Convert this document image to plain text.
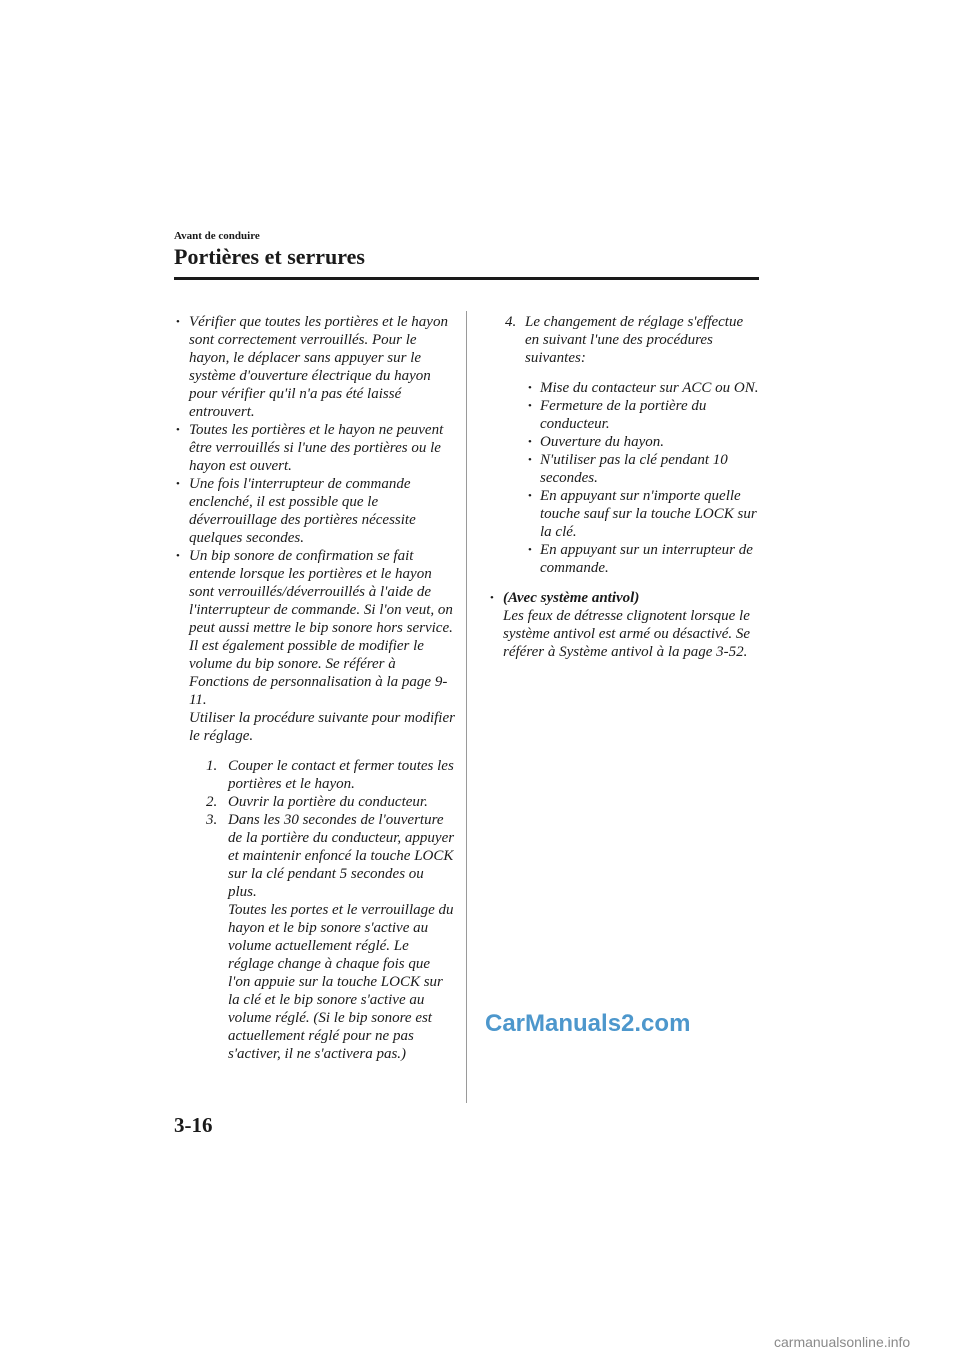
Avant de conduire
Portières et serrures
• Vérifier que toutes les portières et le hayon sont correctement verrouillés. Pour le hayon, le déplacer sans appuyer sur le système d'ouverture électrique du hayon pour vérifier qu'il n'a pas été laissé entrouvert.
• Toutes les portières et le hayon ne peuvent être verrouillés si l'une des portières ou le hayon est ouvert.
• Une fois l'interrupteur de commande enclenché, il est possible que le déverrouillage des portières nécessite quelques secondes.
• Un bip sonore de confirmation se fait entende lorsque les portières et le hayon sont verrouillés/déverrouillés à l'aide de l'interrupteur de commande. Si l'on veut, on peut aussi mettre le bip sonore hors service.
Il est également possible de modifier le volume du bip sonore. Se référer à Fonctions de personnalisation à la page 9-11.
Utiliser la procédure suivante pour modifier le réglage.
1. Couper le contact et fermer toutes les portières et le hayon.
2. Ouvrir la portière du conducteur.
3. Dans les 30 secondes de l'ouverture de la portière du conducteur, appuyer et maintenir enfoncé la touche LOCK sur la clé pendant 5 secondes ou plus.
Toutes les portes et le verrouillage du hayon et le bip sonore s'active au volume actuellement réglé. Le réglage change à chaque fois que l'on appuie sur la touche LOCK sur la clé et le bip sonore s'active au volume réglé. (Si le bip sonore est actuellement réglé pour ne pas s'activer, il ne s'activera pas.)
4. Le changement de réglage s'effectue en suivant l'une des procédures suivantes:
• Mise du contacteur sur ACC ou ON.
• Fermeture de la portière du conducteur.
• Ouverture du hayon.
• N'utiliser pas la clé pendant 10 secondes.
• En appuyant sur n'importe quelle touche sauf sur la touche LOCK sur la clé.
• En appuyant sur un interrupteur de commande.
• (Avec système antivol)
Les feux de détresse clignotent lorsque le système antivol est armé ou désactivé. Se référer à Système antivol à la page 3-52.
CarManuals2.com
3-16
carmanualsonline.info
